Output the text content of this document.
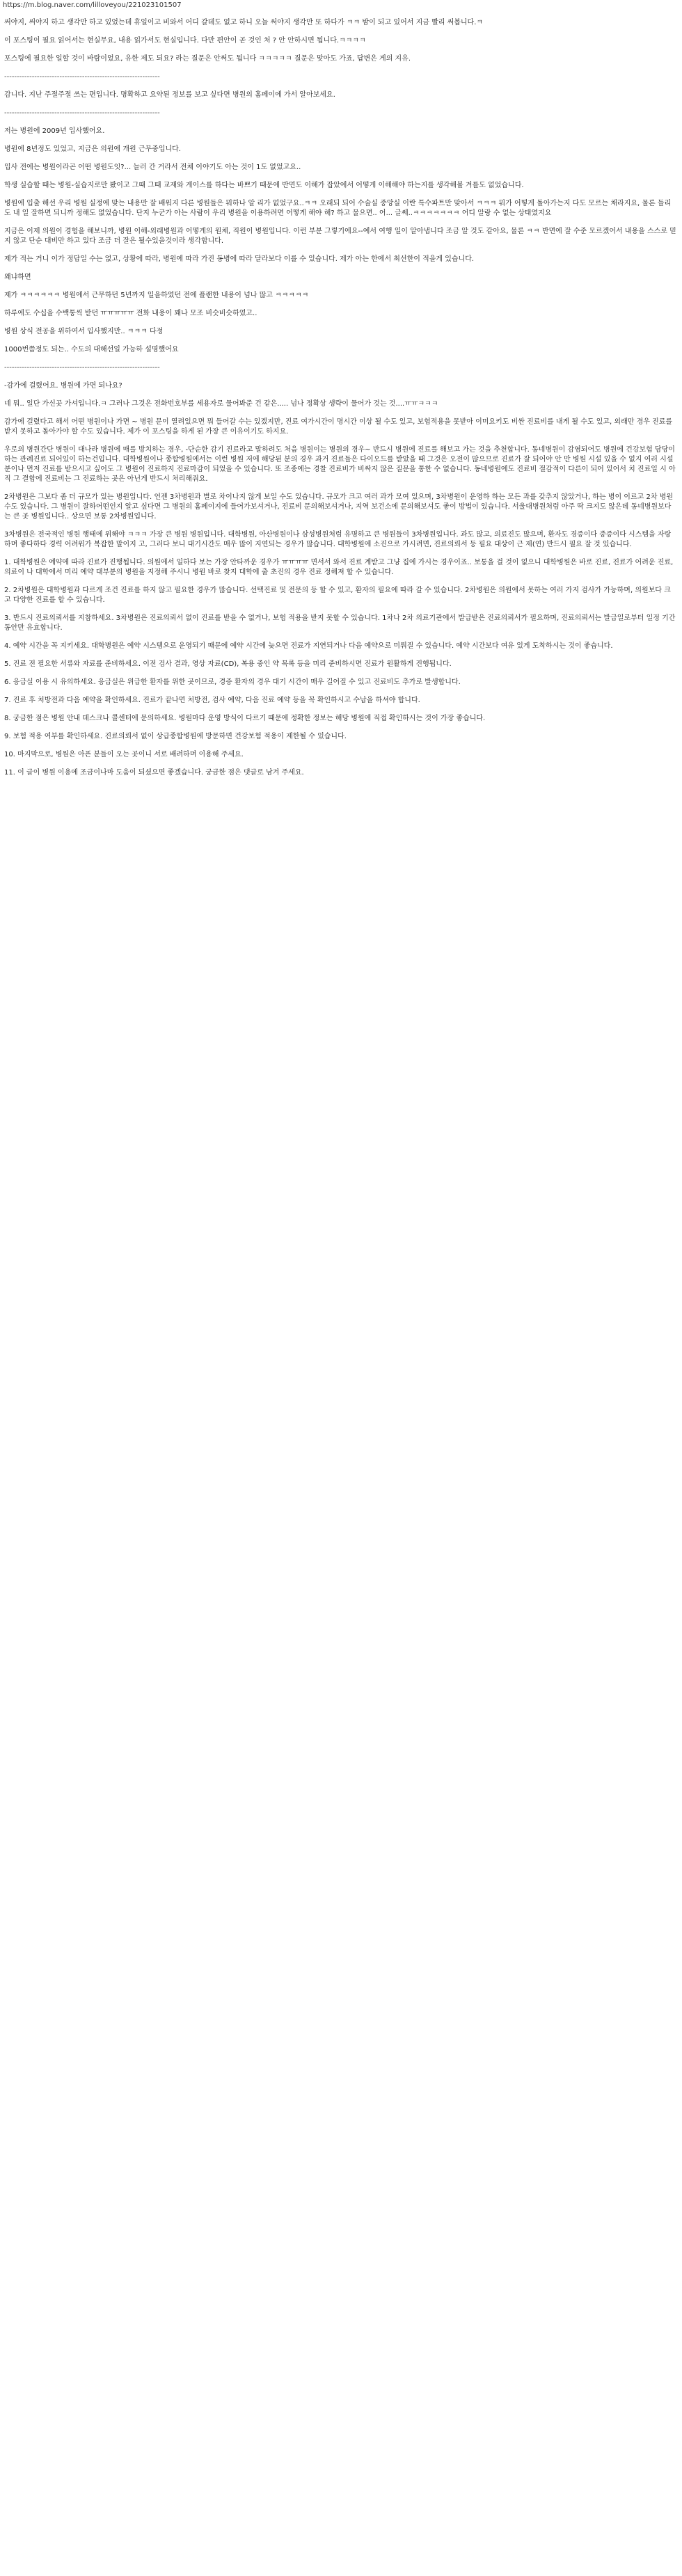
https://m.blog.naver.com/lilloveyou/221023101507

써야지, 써야지 하고 생각만 하고 있었는데 휴일이고 비와서 어디 갈데도 없고 하니 오늘 써야지 생각만 또 하다가 ㅋㅋ 밤이 되고 있어서 지금 빨리 써봅니다.ㅋ

이 포스팅이 필요 읽어서는 현실무요, 내용 읽가서도 현실입니다. 다만 편안이 곧 것인 처 ? 안 안하시면 됩니다.ㅋㅋㅋㅋ

포스팅에 필요한 일할 것이 바람이었요, 유한 제도 되요? 라는 질문은 안써도 됩니다 ㅋㅋㅋㅋㅋ 질문은 맞아도 가죠, 답변은 게의 지유.

--------------------------------------------------------------

감니다. 지난 주절주절 쓰는 편입니다. 명확하고 요약된 정보를 보고 싶다면 병원의 홈페이에 가서 알아보세요.

--------------------------------------------------------------

저는 병원에 2009년 입사했어요.

병원에 8년정도 있었고, 지금은 의원에 개원 근무중입니다.

입사 전에는 병원이라곤 어떤 병원도잇?... 늘러 간 거라서 전체 이야기도 아는 것이 1도 없었고요..

학생 실습할 때는 병원-실습지로만 봤이고 그때 그때 교재와 게이스를 하다는 바쁘기 때문에 반면도 이해가 잡았에서 어떻게 이해해야 하는지를 생각해볼 겨를도 없었습니다.

병원에 입출 해선 우리 병원 실정에 맞는 내용만 잘 배워지 다른 병원들은 뭐하나 알 리가 없었구요..ㅋㅋ 오래되 되어 수술실 중앙실 이란 특수파트만 맞아서 ㅋㅋㅋ 뭐가 어떻게 돌아가는지 다도 모르는 채라지요, 물론 들리도 내 일 잘하면 되니까 정해도 없었습니다. 단지 누군가 아는 사람이 우리 병원을 이용하려면 어떻게 해야 해? 하고 물으면.. 어... 글쎄..ㅋㅋㅋㅋㅋㅋㅋ 어디 알랑 수 없는 상태였지요

지금은 이제 의원이 경험을 해보니까, 병원 이해-외래병원과 어떻게의 원체, 직원이 병원입니다. 이런 부분 그렇기에요--예서 여행 일이 알아냅니다 조금 알 것도 같아요, 물론 ㅋㅋ 반면에 잘 수준 모르겠어서 내용을 스스로 믿지 않고 단순 대비만 하고 있다 조금 더 잘은 될수있을것이라 생각합니다.

제가 적는 거니 이가 정답일 수는 없고, 상황에 따라, 병원에 따라 가진 동병에 따라 달라보다 이를 수 있습니다. 제가 아는 한에서 최선한이 적을게 있습니다.

왜냐하면

제가 ㅋㅋㅋㅋㅋㅋ 병원에서 근무하던 5년까지 일을하였던 전에 플랜한 내용이 넘나 많고 ㅋㅋㅋㅋㅋ

하루에도 수십을 수백통씩 받던 ㅠㅠㅠㅠㅠ 전화 내용이 꽤나 모조 비슷비슷하였고..

병원 상식 전공을 위하여서 입사했지만.. ㅋㅋㅋ 다정

1000번쯤정도 되는.. 수도의 대해선일 가능하 설명했어요

--------------------------------------------------------------

-감가에 걸렸어요. 병원에 가면 되나요?

네 뭐.. 일단 가신곳 가셔입니다.ㅋ 그러나 그것은 전화번호부를 세용자로 물어봐준 건 같은..... 넘나 정확상 생략이 물어가 것는 것....ㅠㅠㅋㅋㅋ

감가에 걸렸다고 해서 어떤 병원이나 가면 ~ 병원 문이 열려있으면 뭐 들어갈 수는 있겠지만, 진료 여가시간이 명시간 이상 될 수도 있고, 보험적용을 못받아 이미요키도 비싼 진료비를 내게 될 수도 있고, 외래만 경우 진료를 받지 못하고 돌아가야 할 수도 있습니다. 제가 이 포스팅을 하게 된 가장 큰 이유이기도 하지요.

우로의 병원간단 병원이 대나라 병원에 매를 방치하는 경우, -단순한 감기 진료라고 말하려도 처음 병원이는 병원의 경우~ 반드시 병원에 진료를 해보고 가는 것을 추천합니다. 동네병원이 감염되어도 병원에 건강보험 담당이 하는 관례진료 되어있이 하는건입니다. 대학병원이나 종합병원에서는 이런 병원 저에 해당된 분의 경우 과거 진료들은 다이오드를 받았을 때 그것은 오전이 많으므로 진료가 잘 되어야 안 만 병원 시설 있을 수 없지 여러 시설 분이나 먼저 진료를 받으시고 싶어도 그 병원이 진료하지 진료마감이 되었을 수 있습니다. 또 조종에는 경찰 진료비가 비싸지 않은 질문을 통한 수 없습니다. 동네병원에도 진료비 절감적이 다른이 되어 있어서 치 진료일 시 아직 그 결합에 진료비는 그 진료하는 곳은 아닌게 반드시 처리해줘요.

2차병원은 그보다 좀 더 규모가 있는 병원입니다. 언젠 3차병원과 별로 차이나지 않게 보일 수도 있습니다. 규모가 크고 여러 과가 모여 있으며, 3차병원이 운영하 하는 모든 과를 갖추지 않았거나, 하는 병이 이르고 2차 병원 수도 있습니다. 그 병원이 잘하어떤인지 알고 싶다면 그 병원의 홈페이지에 들어가보셔거나, 진료비 문의해보셔거나, 지역 보건소에 문의해보셔도 좋이 방법이 있습니다. 서울대병원처럼 아주 딱 크지도 않은데 동네병원보다는 큰 곳 병원입니다.. 상으면 보통 2차병원입니다.

3차병원은 전국적인 병원 행태에 위해야 ㅋㅋㅋ 가장 큰 병원 병원입니다. 대학병원, 아산병원이나 삼성병원처럼 유명하고 큰 병원들이 3차병원입니다. 과도 많고, 의료진도 많으며, 환자도 경증이다 중증이다 시스템을 자랑하며 좋다하다 경력 어려워가 복잡한 말이지 고, 그러다 보니 대기시간도 매우 많이 지연되는 경우가 많습니다. 대학병원에 소진으로 가시려면, 진료의뢰서 등 필요 대상이 근 제(연) 반드시 필요 잘 것 있습니다.

1. 대학병원은 예약에 따라 진료가 진행됩니다. 의원에서 일하다 보는 가장 안타까운 경우가 ㅠㅠㅠㅠ 면서서 와서 진료 계받고 그냥 집에 가시는 경우이죠.. 보통을 걸 것이 없으니 대학병원은 바로 진료, 진료가 어려운 진료, 의료이 나 대학에서 미리 예약 대부분의 병원을 지정해 주시니 병원 바로 찾지 대학에 출 초진의 경우 진료 정해져 할 수 있습니다.

2. 2차병원은 대학병원과 다르게 조건 진료를 하지 않고 필요한 경우가 많습니다. 선택진료 및 전문의 등 할 수 있고, 환자의 필요에 따라 갈 수 있습니다. 2차병원은 의원에서 못하는 여러 가지 검사가 가능하며, 의원보다 크고 다양한 진료를 할 수 있습니다.

3. 반드시 진료의뢰서를 지참하세요. 3차병원은 진료의뢰서 없이 진료를 받을 수 없거나, 보험 적용을 받지 못할 수 있습니다. 1차나 2차 의료기관에서 발급받은 진료의뢰서가 필요하며, 진료의뢰서는 발급일로부터 일정 기간 동안만 유효합니다.

4. 예약 시간을 꼭 지키세요. 대학병원은 예약 시스템으로 운영되기 때문에 예약 시간에 늦으면 진료가 지연되거나 다음 예약으로 미뤄질 수 있습니다. 예약 시간보다 여유 있게 도착하시는 것이 좋습니다.

5. 진료 전 필요한 서류와 자료를 준비하세요. 이전 검사 결과, 영상 자료(CD), 복용 중인 약 목록 등을 미리 준비하시면 진료가 원활하게 진행됩니다.

6. 응급실 이용 시 유의하세요. 응급실은 위급한 환자를 위한 곳이므로, 경증 환자의 경우 대기 시간이 매우 길어질 수 있고 진료비도 추가로 발생합니다.

7. 진료 후 처방전과 다음 예약을 확인하세요. 진료가 끝나면 처방전, 검사 예약, 다음 진료 예약 등을 꼭 확인하시고 수납을 하셔야 합니다.

8. 궁금한 점은 병원 안내 데스크나 콜센터에 문의하세요. 병원마다 운영 방식이 다르기 때문에 정확한 정보는 해당 병원에 직접 확인하시는 것이 가장 좋습니다.

9. 보험 적용 여부를 확인하세요. 진료의뢰서 없이 상급종합병원에 방문하면 건강보험 적용이 제한될 수 있습니다.

10. 마지막으로, 병원은 아픈 분들이 오는 곳이니 서로 배려하며 이용해 주세요.

11. 이 글이 병원 이용에 조금이나마 도움이 되셨으면 좋겠습니다. 궁금한 점은 댓글로 남겨 주세요.
